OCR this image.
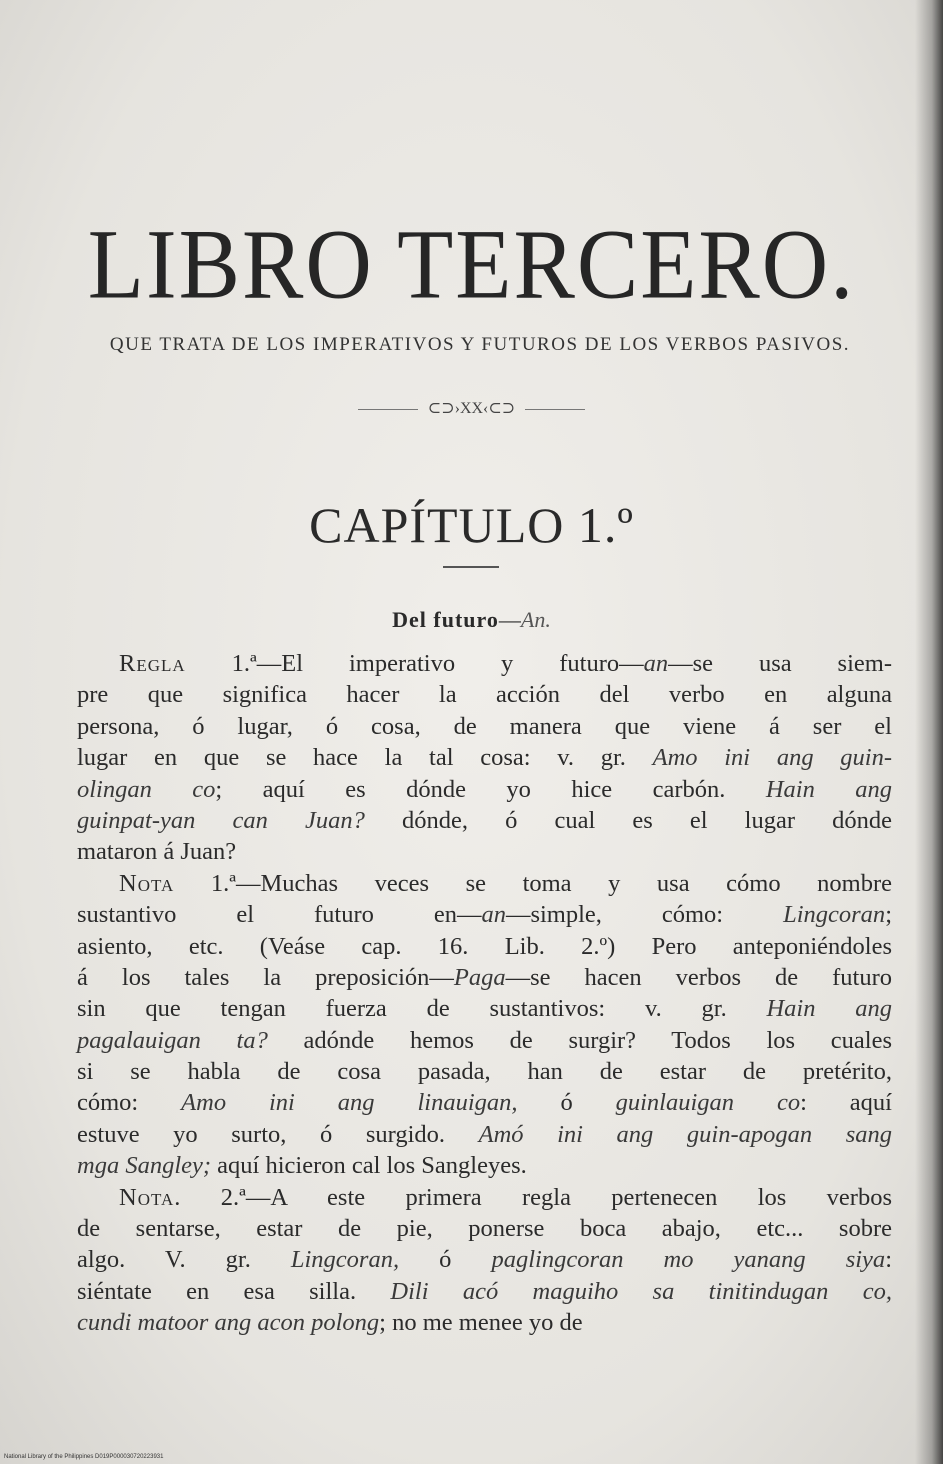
LIBRO TERCERO.
QUE TRATA DE LOS IMPERATIVOS Y FUTUROS DE LOS VERBOS PASIVOS.
⊂⊃›XX‹⊂⊃
CAPÍTULO 1.º
Del futuro—An.
Regla 1.ª—El imperativo y futuro—an—se usa siem-
pre que significa hacer la acción del verbo en alguna
persona, ó lugar, ó cosa, de manera que viene á ser el
lugar en que se hace la tal cosa: v. gr. Amo ini ang guin-
olingan co; aquí es dónde yo hice carbón. Hain ang
guinpat-yan can Juan? dónde, ó cual es el lugar dónde
mataron á Juan?
Nota 1.ª—Muchas veces se toma y usa cómo nombre
sustantivo el futuro en—an—simple, cómo: Lingcoran;
asiento, etc. (Veáse cap. 16. Lib. 2.º) Pero anteponiéndoles
á los tales la preposición—Paga—se hacen verbos de futuro
sin que tengan fuerza de sustantivos: v. gr. Hain ang
pagalauigan ta? adónde hemos de surgir? Todos los cuales
si se habla de cosa pasada, han de estar de pretérito,
cómo: Amo ini ang linauigan, ó guinlauigan co: aquí
estuve yo surto, ó surgido. Amó ini ang guin-apogan sang
mga Sangley; aquí hicieron cal los Sangleyes.
Nota. 2.ª—A este primera regla pertenecen los verbos
de sentarse, estar de pie, ponerse boca abajo, etc... sobre
algo. V. gr. Lingcoran, ó paglingcoran mo yanang siya:
siéntate en esa silla. Dili acó maguiho sa tinitindugan co,
cundi matoor ang acon polong; no me menee yo de
National Library of the Philippines D019P000030720223931
